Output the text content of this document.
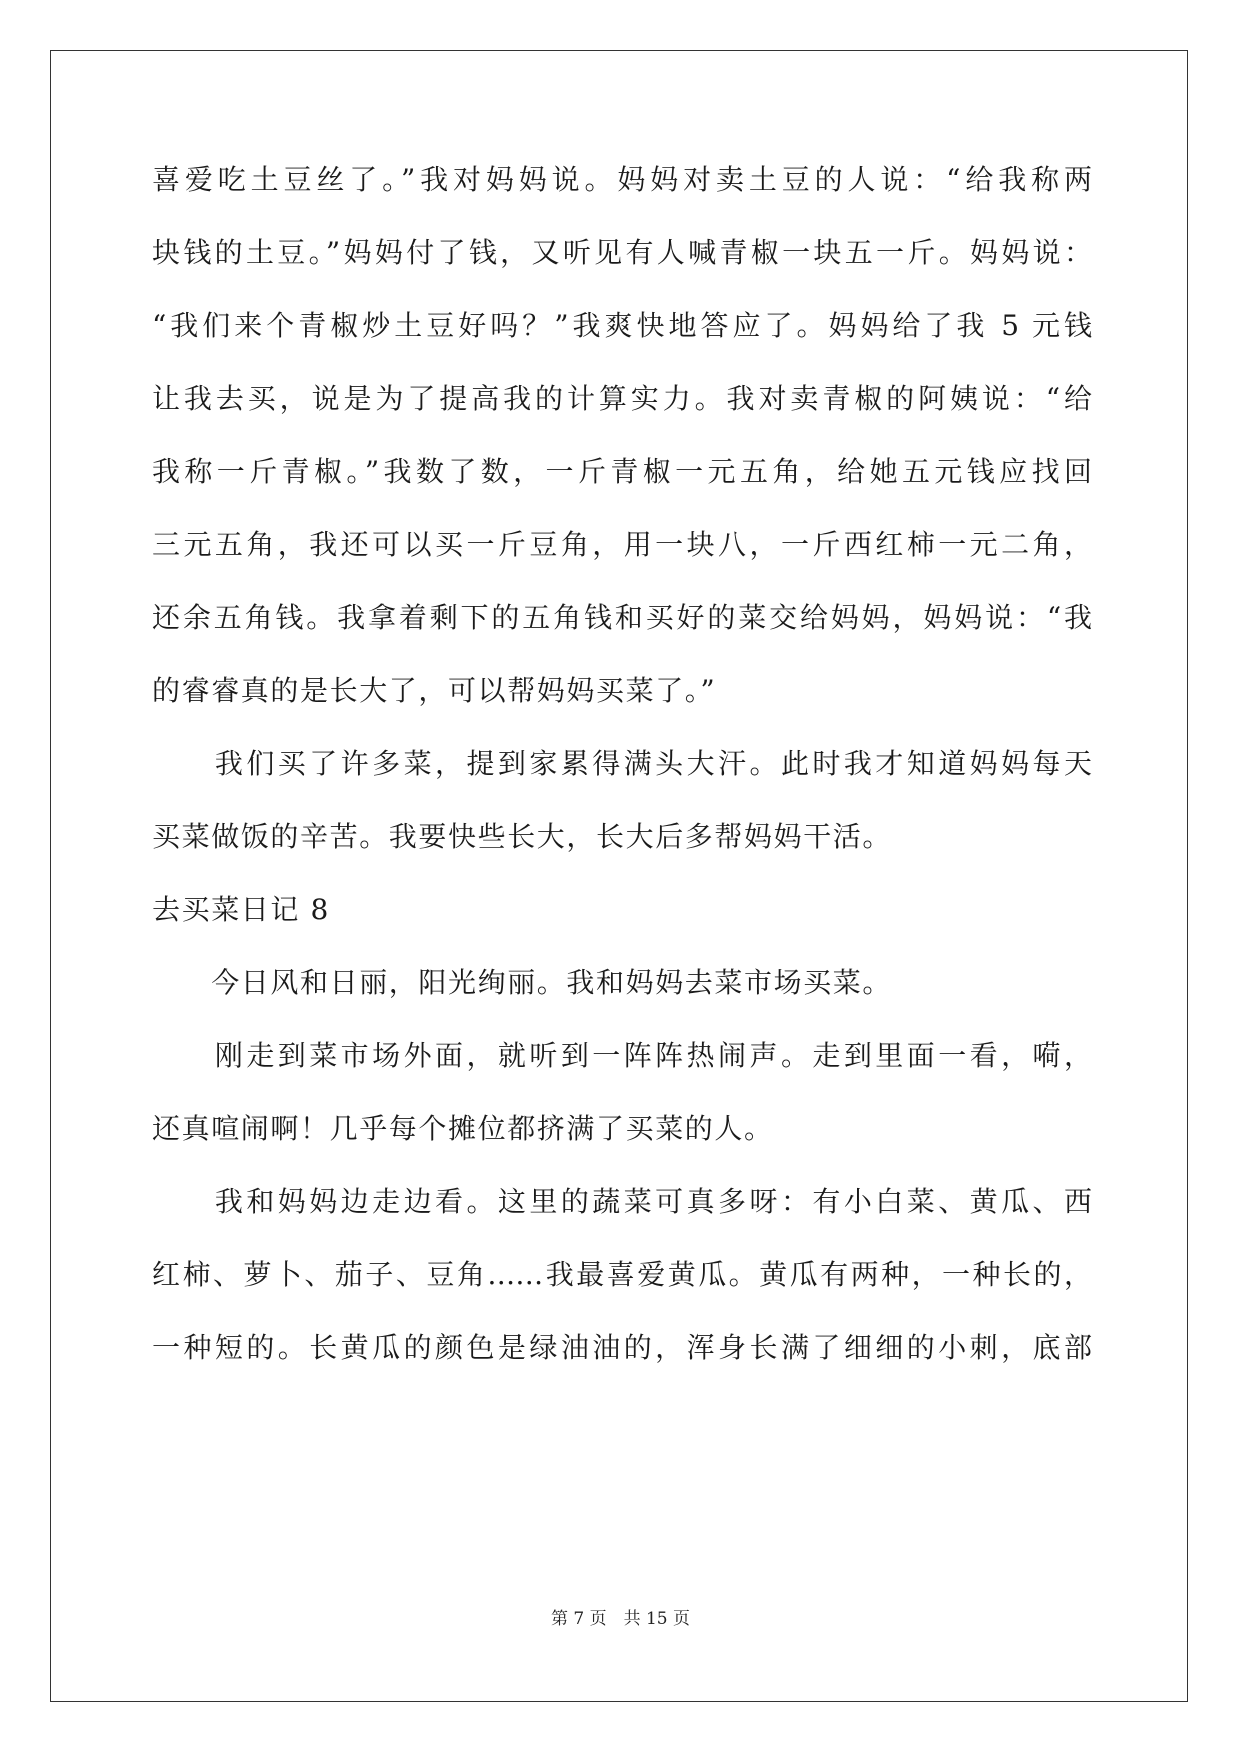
喜爱吃土豆丝了。”我对妈妈说。妈妈对卖土豆的人说：“给我称两
块钱的土豆。”妈妈付了钱，又听见有人喊青椒一块五一斤。妈妈说：
“我们来个青椒炒土豆好吗？”我爽快地答应了。妈妈给了我 5 元钱
让我去买，说是为了提高我的计算实力。我对卖青椒的阿姨说：“给
我称一斤青椒。”我数了数，一斤青椒一元五角，给她五元钱应找回
三元五角，我还可以买一斤豆角，用一块八，一斤西红柿一元二角，
还余五角钱。我拿着剩下的五角钱和买好的菜交给妈妈，妈妈说：“我
的睿睿真的是长大了，可以帮妈妈买菜了。”
　　我们买了许多菜，提到家累得满头大汗。此时我才知道妈妈每天
买菜做饭的辛苦。我要快些长大，长大后多帮妈妈干活。
去买菜日记 8
　　今日风和日丽，阳光绚丽。我和妈妈去菜市场买菜。
　　刚走到菜市场外面，就听到一阵阵热闹声。走到里面一看，嗬，
还真喧闹啊！几乎每个摊位都挤满了买菜的人。
　　我和妈妈边走边看。这里的蔬菜可真多呀：有小白菜、黄瓜、西
红柿、萝卜、茄子、豆角……我最喜爱黄瓜。黄瓜有两种，一种长的，
一种短的。长黄瓜的颜色是绿油油的，浑身长满了细细的小刺，底部
第 7 页　共 15 页
